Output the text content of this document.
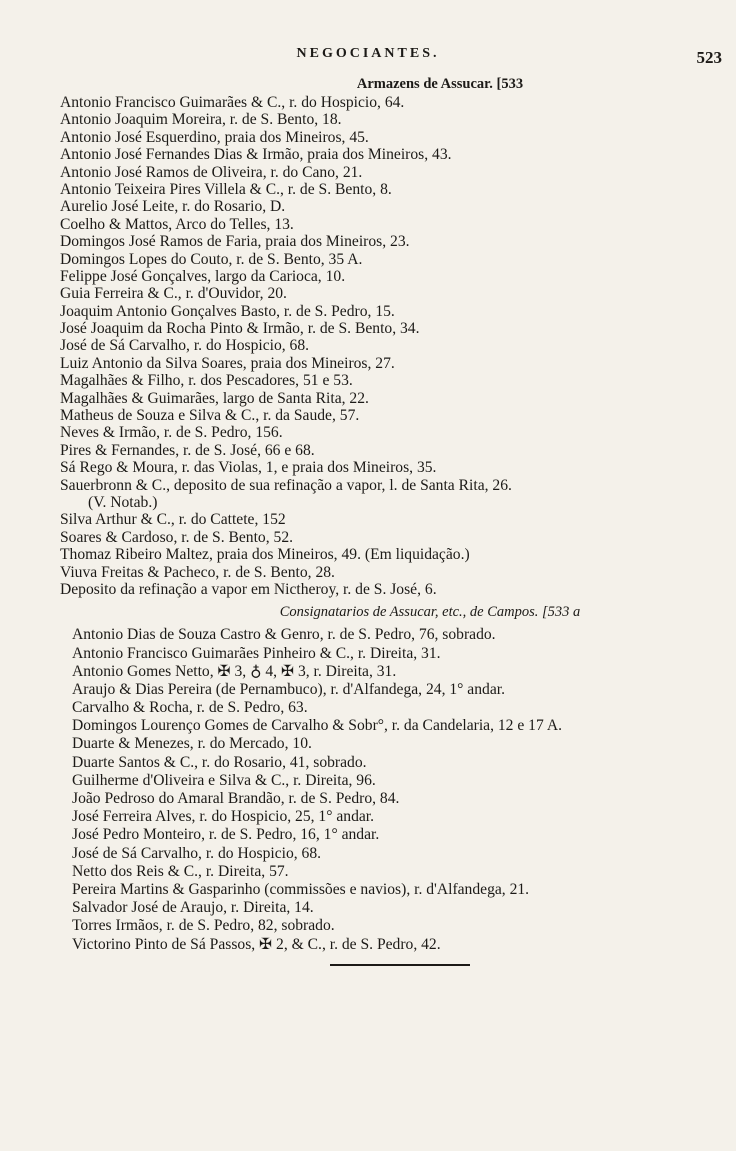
NEGOCIANTES.	523
Armazens de Assucar. [533
Antonio Francisco Guimarães & C., r. do Hospicio, 64.
Antonio Joaquim Moreira, r. de S. Bento, 18.
Antonio José Esquerdino, praia dos Mineiros, 45.
Antonio José Fernandes Dias & Irmão, praia dos Mineiros, 43.
Antonio José Ramos de Oliveira, r. do Cano, 21.
Antonio Teixeira Pires Villela & C., r. de S. Bento, 8.
Aurelio José Leite, r. do Rosario, D.
Coelho & Mattos, Arco do Telles, 13.
Domingos José Ramos de Faria, praia dos Mineiros, 23.
Domingos Lopes do Couto, r. de S. Bento, 35 A.
Felippe José Gonçalves, largo da Carioca, 10.
Guia Ferreira & C., r. d'Ouvidor, 20.
Joaquim Antonio Gonçalves Basto, r. de S. Pedro, 15.
José Joaquim da Rocha Pinto & Irmão, r. de S. Bento, 34.
José de Sá Carvalho, r. do Hospicio, 68.
Luiz Antonio da Silva Soares, praia dos Mineiros, 27.
Magalhães & Filho, r. dos Pescadores, 51 e 53.
Magalhães & Guimarães, largo de Santa Rita, 22.
Matheus de Souza e Silva & C., r. da Saude, 57.
Neves & Irmão, r. de S. Pedro, 156.
Pires & Fernandes, r. de S. José, 66 e 68.
Sá Rego & Moura, r. das Violas, 1, e praia dos Mineiros, 35.
Sauerbronn & C., deposito de sua refinação a vapor, l. de Santa Rita, 26.
(V. Notab.)
Silva Arthur & C., r. do Cattete, 152
Soares & Cardoso, r. de S. Bento, 52.
Thomaz Ribeiro Maltez, praia dos Mineiros, 49. (Em liquidação.)
Viuva Freitas & Pacheco, r. de S. Bento, 28.
Deposito da refinação a vapor em Nictheroy, r. de S. José, 6.
Consignatarios de Assucar, etc., de Campos. [533 a
Antonio Dias de Souza Castro & Genro, r. de S. Pedro, 76, sobrado.
Antonio Francisco Guimarães Pinheiro & C., r. Direita, 31.
Antonio Gomes Netto, ✠ 3, ♁ 4, ✠ 3, r. Direita, 31.
Araujo & Dias Pereira (de Pernambuco), r. d'Alfandega, 24, 1° andar.
Carvalho & Rocha, r. de S. Pedro, 63.
Domingos Lourenço Gomes de Carvalho & Sobr°, r. da Candelaria, 12 e 17 A.
Duarte & Menezes, r. do Mercado, 10.
Duarte Santos & C., r. do Rosario, 41, sobrado.
Guilherme d'Oliveira e Silva & C., r. Direita, 96.
João Pedroso do Amaral Brandão, r. de S. Pedro, 84.
José Ferreira Alves, r. do Hospicio, 25, 1° andar.
José Pedro Monteiro, r. de S. Pedro, 16, 1° andar.
José de Sá Carvalho, r. do Hospicio, 68.
Netto dos Reis & C., r. Direita, 57.
Pereira Martins & Gasparinho (commissões e navios), r. d'Alfandega, 21.
Salvador José de Araujo, r. Direita, 14.
Torres Irmãos, r. de S. Pedro, 82, sobrado.
Victorino Pinto de Sá Passos, ✠ 2, & C., r. de S. Pedro, 42.
